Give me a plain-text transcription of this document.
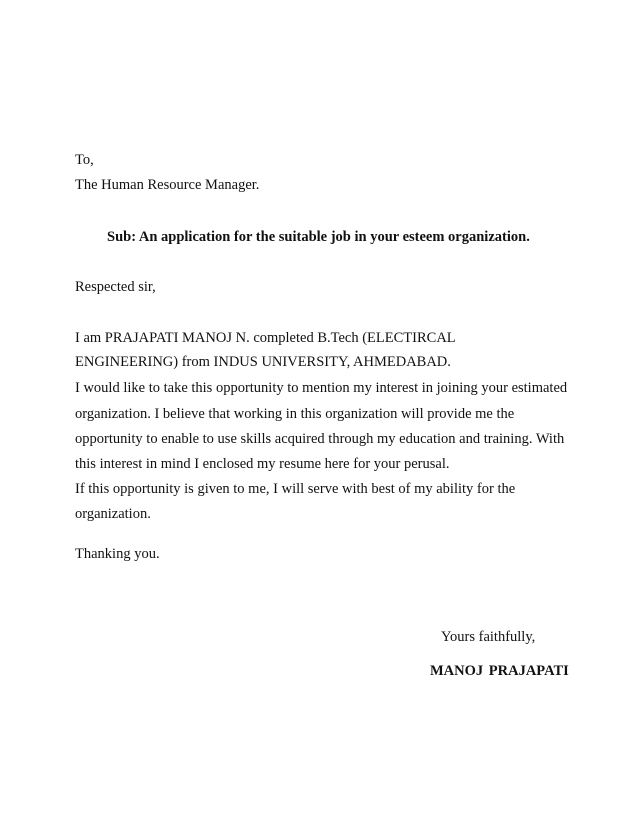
To,
The Human Resource Manager.
Sub: An application for the suitable job in your esteem organization.
Respected sir,
I am PRAJAPATI MANOJ N. completed B.Tech (ELECTIRCAL
ENGINEERING) from INDUS UNIVERSITY, AHMEDABAD.
I would like to take this opportunity to mention my interest in joining your estimated
organization. I believe that working in this organization will provide me the
opportunity to enable to use skills acquired through my education and training. With
this interest in mind I enclosed my resume here for your perusal.
If this opportunity is given to me, I will serve with best of my ability for the
organization.
Thanking you.
Yours faithfully,
MANOJ PRAJAPATI
